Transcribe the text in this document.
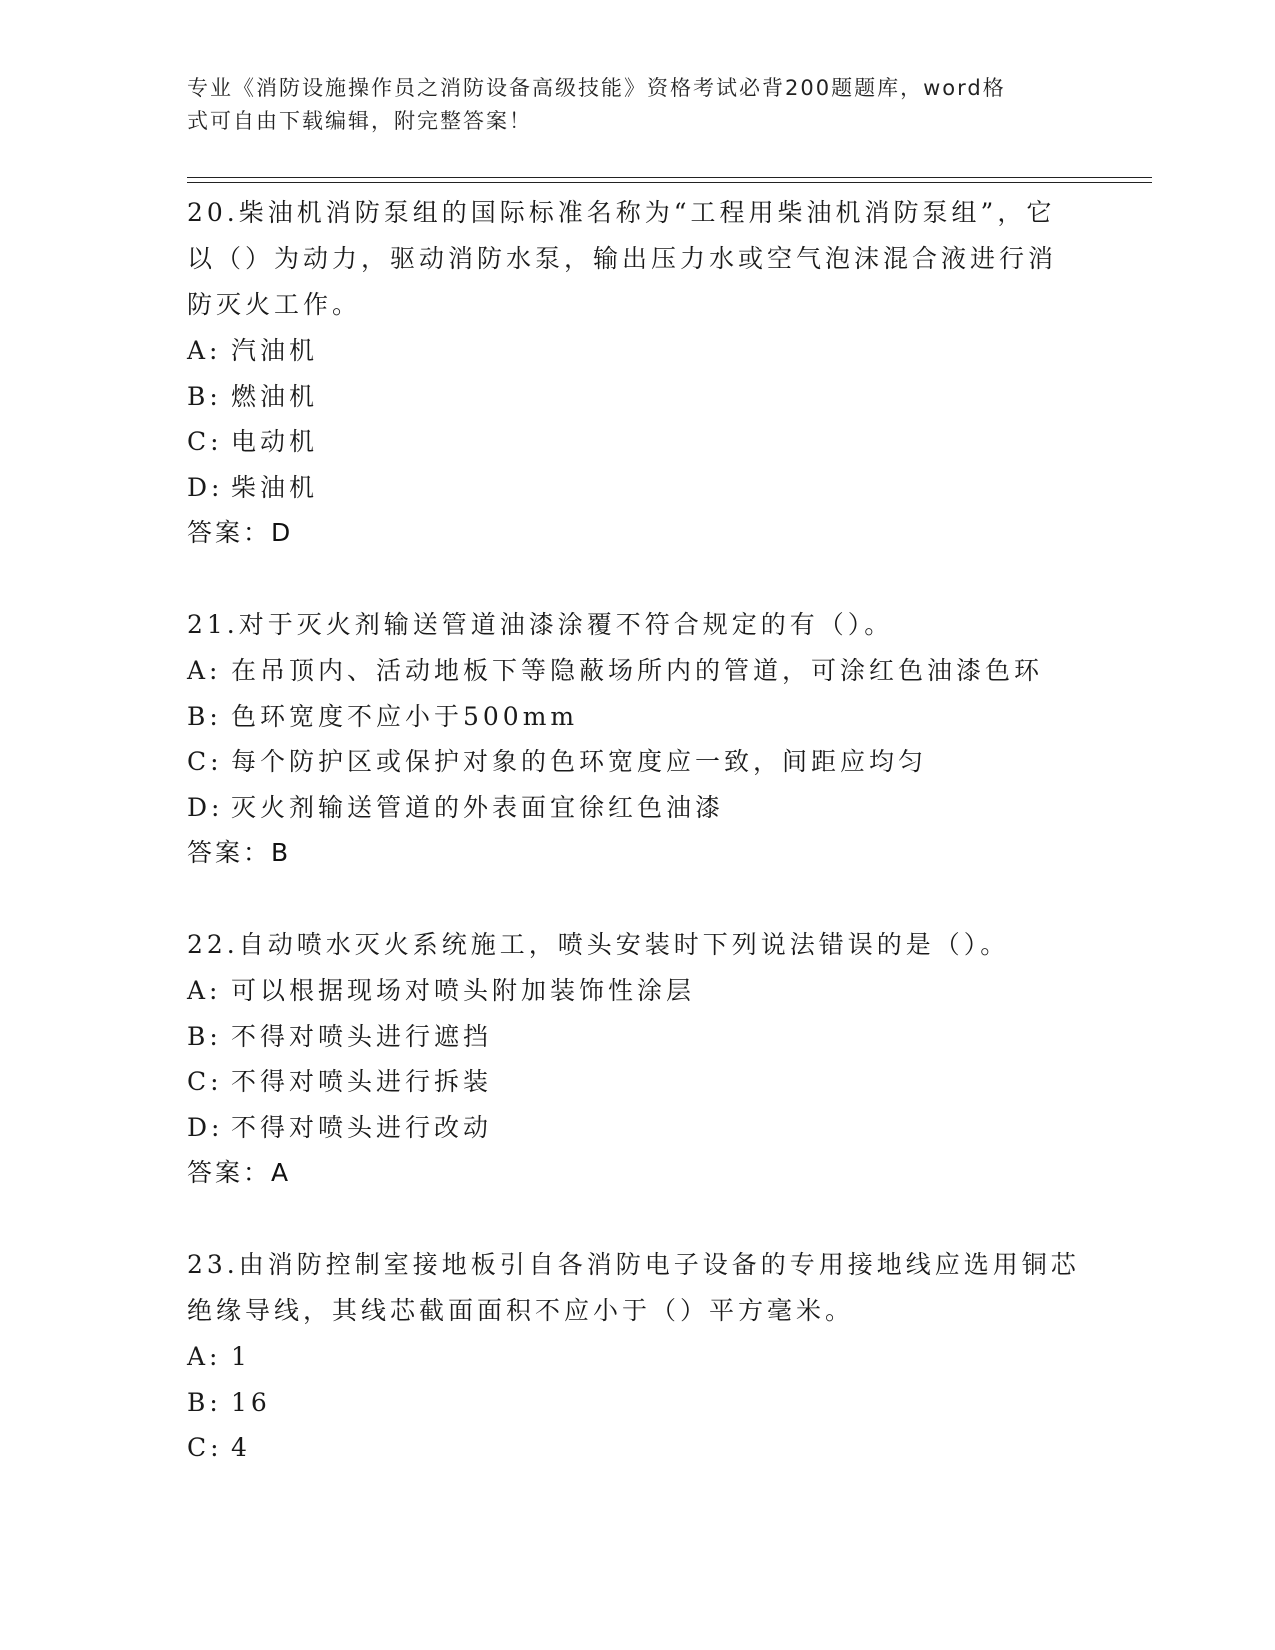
专业《消防设施操作员之消防设备高级技能》资格考试必背200题题库，word格
式可自由下载编辑，附完整答案！

20.柴油机消防泵组的国际标准名称为“工程用柴油机消防泵组”，它

以（）为动力，驱动消防水泵，输出压力水或空气泡沫混合液进行消

防灭火工作。

A: 汽油机

B: 燃油机

C: 电动机

D: 柴油机

答案：D

21.对于灭火剂输送管道油漆涂覆不符合规定的有（）。

A: 在吊顶内、活动地板下等隐蔽场所内的管道，可涂红色油漆色环

B: 色环宽度不应小于500mm

C: 每个防护区或保护对象的色环宽度应一致，间距应均匀

D: 灭火剂输送管道的外表面宜徐红色油漆

答案：B

22.自动喷水灭火系统施工，喷头安装时下列说法错误的是（）。

A: 可以根据现场对喷头附加装饰性涂层

B: 不得对喷头进行遮挡

C: 不得对喷头进行拆装

D: 不得对喷头进行改动

答案：A

23.由消防控制室接地板引自各消防电子设备的专用接地线应选用铜芯

绝缘导线，其线芯截面面积不应小于（）平方毫米。

A: 1

B: 16

C: 4
